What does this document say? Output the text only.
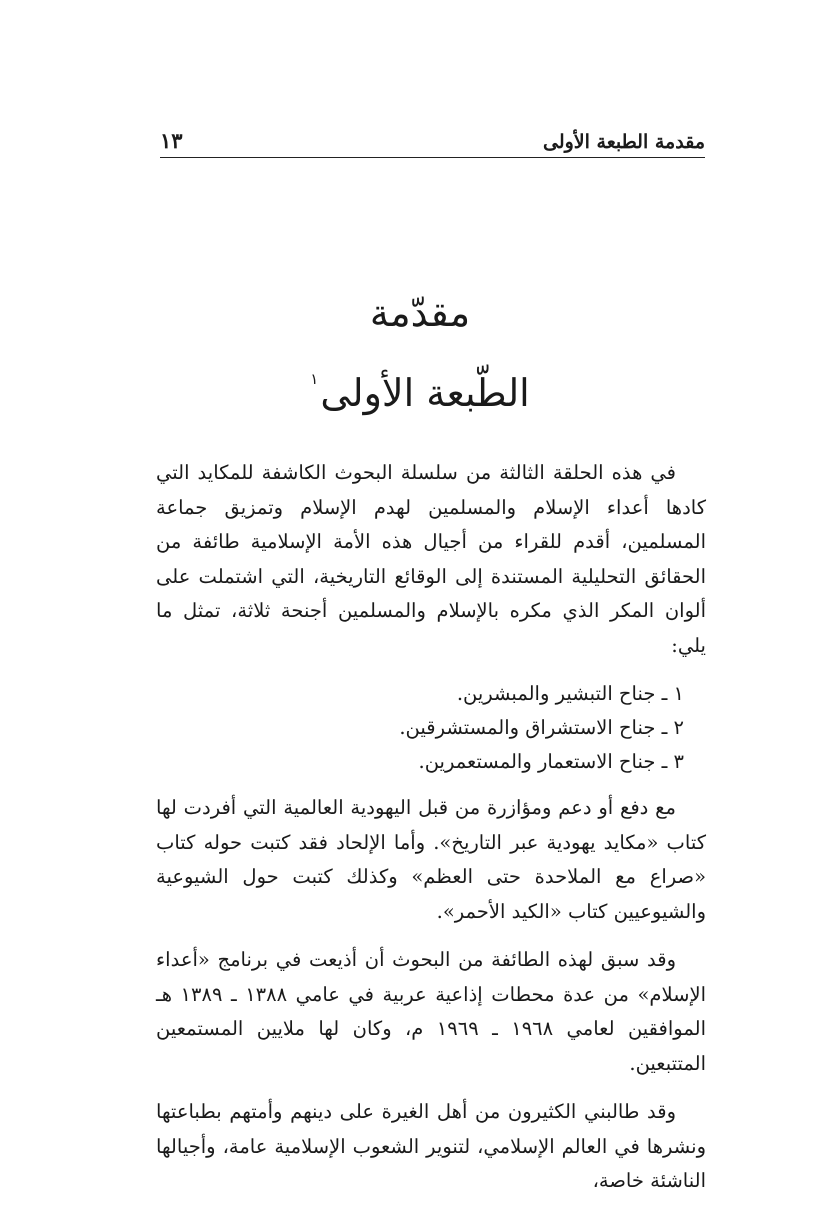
مقدمة الطبعة الأولى
١٣
مقدّمة
الطّبعة الأولى$^١$

في هذه الحلقة الثالثة من سلسلة البحوث الكاشفة للمكايد التي كادها أعداء الإسلام والمسلمين لهدم الإسلام وتمزيق جماعة المسلمين، أقدم للقراء من أجيال هذه الأمة الإسلامية طائفة من الحقائق التحليلية المستندة إلى الوقائع التاريخية، التي اشتملت على ألوان المكر الذي مكره بالإسلام والمسلمين أجنحة ثلاثة، تمثل ما يلي:

١ ـ جناح التبشير والمبشرين.
٢ ـ جناح الاستشراق والمستشرقين.
٣ ـ جناح الاستعمار والمستعمرين.

مع دفع أو دعم ومؤازرة من قبل اليهودية العالمية التي أفردت لها كتاب «مكايد يهودية عبر التاريخ». وأما الإلحاد فقد كتبت حوله كتاب «صراع مع الملاحدة حتى العظم» وكذلك كتبت حول الشيوعية والشيوعيين كتاب «الكيد الأحمر».

وقد سبق لهذه الطائفة من البحوث أن أذيعت في برنامج «أعداء الإسلام» من عدة محطات إذاعية عربية في عامي ١٣٨٨ ـ ١٣٨٩ هـ الموافقين لعامي ١٩٦٨ ـ ١٩٦٩ م، وكان لها ملايين المستمعين المتتبعين.

وقد طالبني الكثيرون من أهل الغيرة على دينهم وأمتهم بطباعتها ونشرها في العالم الإسلامي، لتنوير الشعوب الإسلامية عامة، وأجيالها الناشئة خاصة،
